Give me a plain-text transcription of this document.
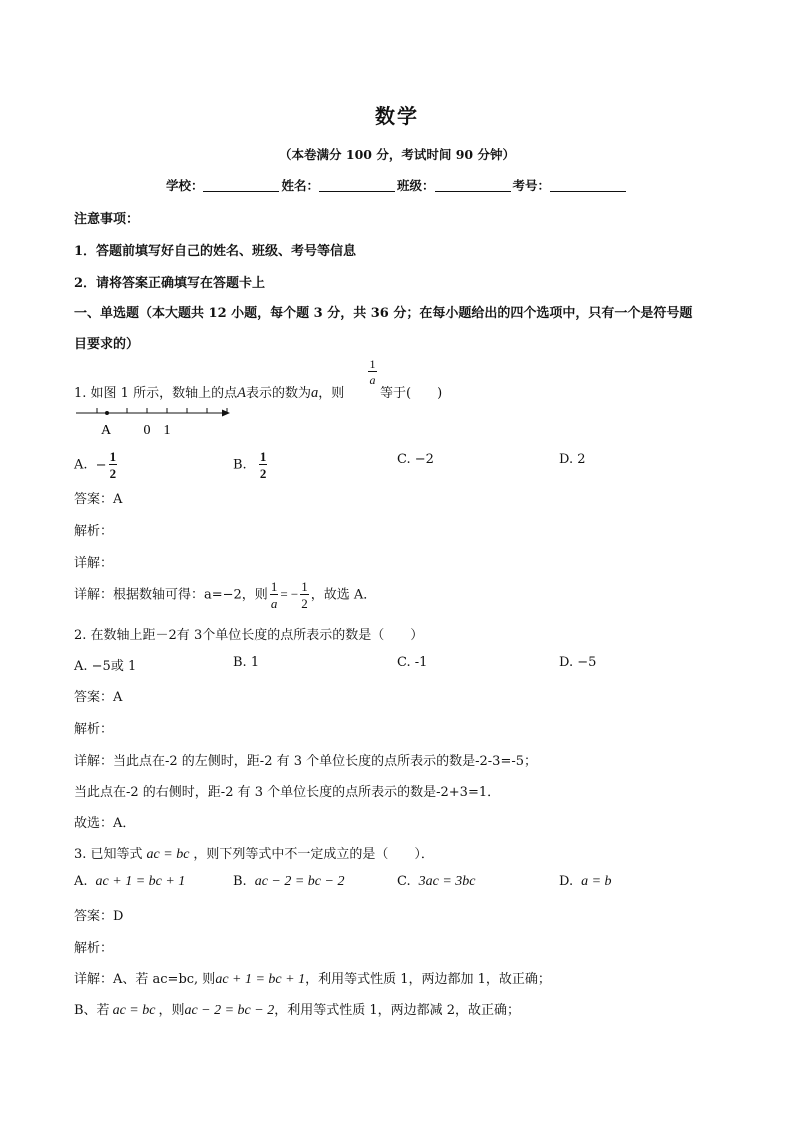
数学
（本卷满分 100 分，考试时间 90 分钟）
学校：	姓名：	班级：	考号：
注意事项：
1．答题前填写好自己的姓名、班级、考号等信息
2．请将答案正确填写在答题卡上
一、单选题（本大题共 12 小题，每个题 3 分，共 36 分；在每小题给出的四个选项中，只有一个是符号题
目要求的）
1. 如图 1 所示，数轴上的点A表示的数为a，则
1
a
等于(　　)
A 0 1
A. − $\frac{1}{2}$	B. $\frac{1}{2}$	C. −2	D. 2
答案：A
解析：
详解：
详解：根据数轴可得：a=−2，则 $\frac{1}{a}$ = − $\frac{1}{2}$ ，故选 A．
2. 在数轴上距－2有 3个单位长度的点所表示的数是（　　）
A. −5或 1	B. 1	C. -1	D. −5
答案：A
解析：
详解：当此点在-2 的左侧时，距-2 有 3 个单位长度的点所表示的数是-2-3=-5；
当此点在-2 的右侧时，距-2 有 3 个单位长度的点所表示的数是-2+3=1．
故选：A．
3. 已知等式 ac = bc ，则下列等式中不一定成立的是（　　）．
A. ac + 1 = bc + 1	B. ac − 2 = bc − 2	C. 3ac = 3bc	D. a = b
答案：D
解析：
详解：A、若 ac=bc, 则ac + 1 = bc + 1，利用等式性质 1，两边都加 1，故正确；
B、若 ac = bc ，则ac − 2 = bc − 2，利用等式性质 1，两边都减 2，故正确；
